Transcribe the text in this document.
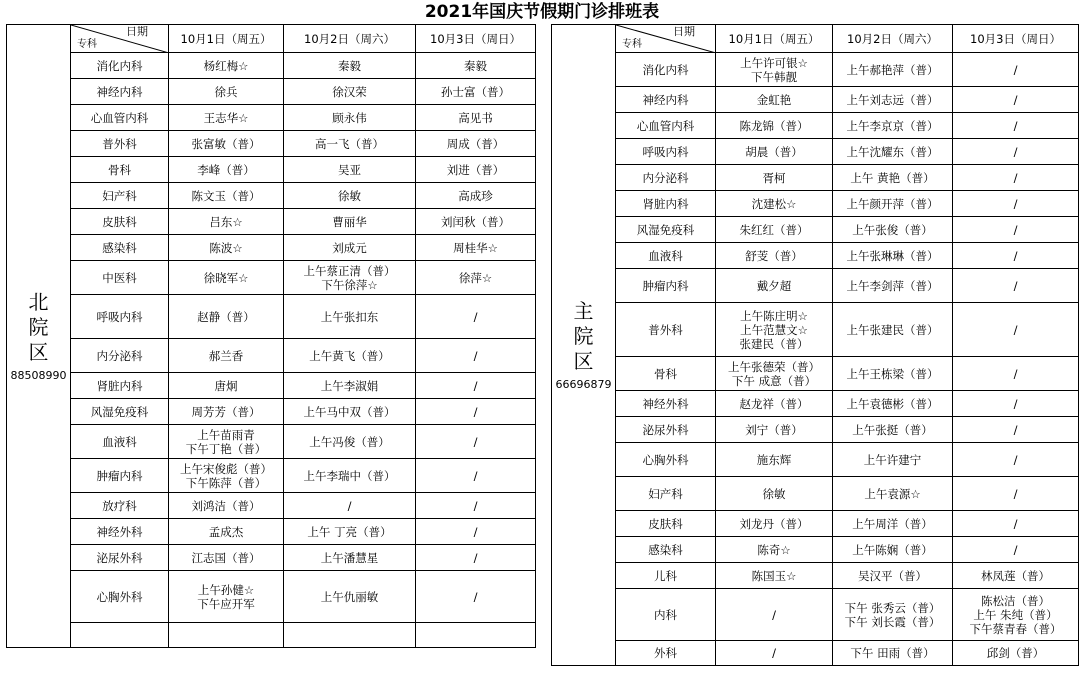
2021年国庆节假期门诊排班表
北
院
区
88508990	日期
专科	10月1日（周五）	10月2日（周六）	10月3日（周日）
	消化内科	杨红梅☆	秦毅	秦毅

	神经内科	徐兵	徐汉荣	孙士富（普）

	心血管内科	王志华☆	顾永伟	高见书

	普外科	张富敏（普）	高一飞（普）	周成（普）

	骨科	李峰（普）	吴亚	刘进（普）

	妇产科	陈文玉（普）	徐敏	高成珍

	皮肤科	吕东☆	曹丽华	刘闰秋（普）

	感染科	陈波☆	刘成元	周桂华☆

	中医科	徐晓军☆	上午蔡正清（普）
下午徐萍☆	徐萍☆

	呼吸内科	赵静（普）	上午张扣东	/

	内分泌科	郝兰香	上午黄飞（普）	/

	肾脏内科	唐炯	上午李淑娟	/

	风湿免疫科	周芳芳（普）	上午马中双（普）	/

	血液科	上午苗雨青
下午丁艳（普）	上午冯俊（普）	/

	肿瘤内科	上午宋俊彪（普）
下午陈萍（普）	上午李瑞中（普）	/

	放疗科	刘鸿洁（普）	/	/

	神经外科	孟成杰	上午 丁亮（普）	/

	泌尿外科	江志国（普）	上午潘慧星	/

	心胸外科	上午孙健☆
下午应开军	上午仇丽敏	/

主
院
区
66696879	日期
专科	10月1日（周五）	10月2日（周六）	10月3日（周日）
	消化内科	上午许可银☆
下午韩靓	上午郝艳萍（普）	/

	神经内科	金虹艳	上午刘志远（普）	/

	心血管内科	陈龙锦（普）	上午李京京（普）	/

	呼吸内科	胡晨（普）	上午沈耀东（普）	/

	内分泌科	胥柯	上午 黄艳（普）	/

	肾脏内科	沈建松☆	上午颜开萍（普）	/

	风湿免疫科	朱红红（普）	上午张俊（普）	/

	血液科	舒芰（普）	上午张琳琳（普）	/

	肿瘤内科	戴夕超	上午李剑萍（普）	/

	普外科	上午陈庄明☆
上午范慧文☆
张建民（普）	上午张建民（普）	/

	骨科	上午张德荣（普）
下午 成意（普）	上午王栋梁（普）	/

	神经外科	赵龙祥（普）	上午袁德彬（普）	/

	泌尿外科	刘宁（普）	上午张挺（普）	/

	心胸外科	施东辉	上午许建宁	/

	妇产科	徐敏	上午袁源☆	/

	皮肤科	刘龙丹（普）	上午周洋（普）	/

	感染科	陈奇☆	上午陈娴（普）	/

	儿科	陈国玉☆	吴汉平（普）	林凤莲（普）

	内科	/	下午 张秀云（普）
下午 刘长霞（普）	陈松洁（普）
上午 朱纯（普）
下午蔡青春（普）

	外科	/	下午 田雨（普）	邱剑（普）
